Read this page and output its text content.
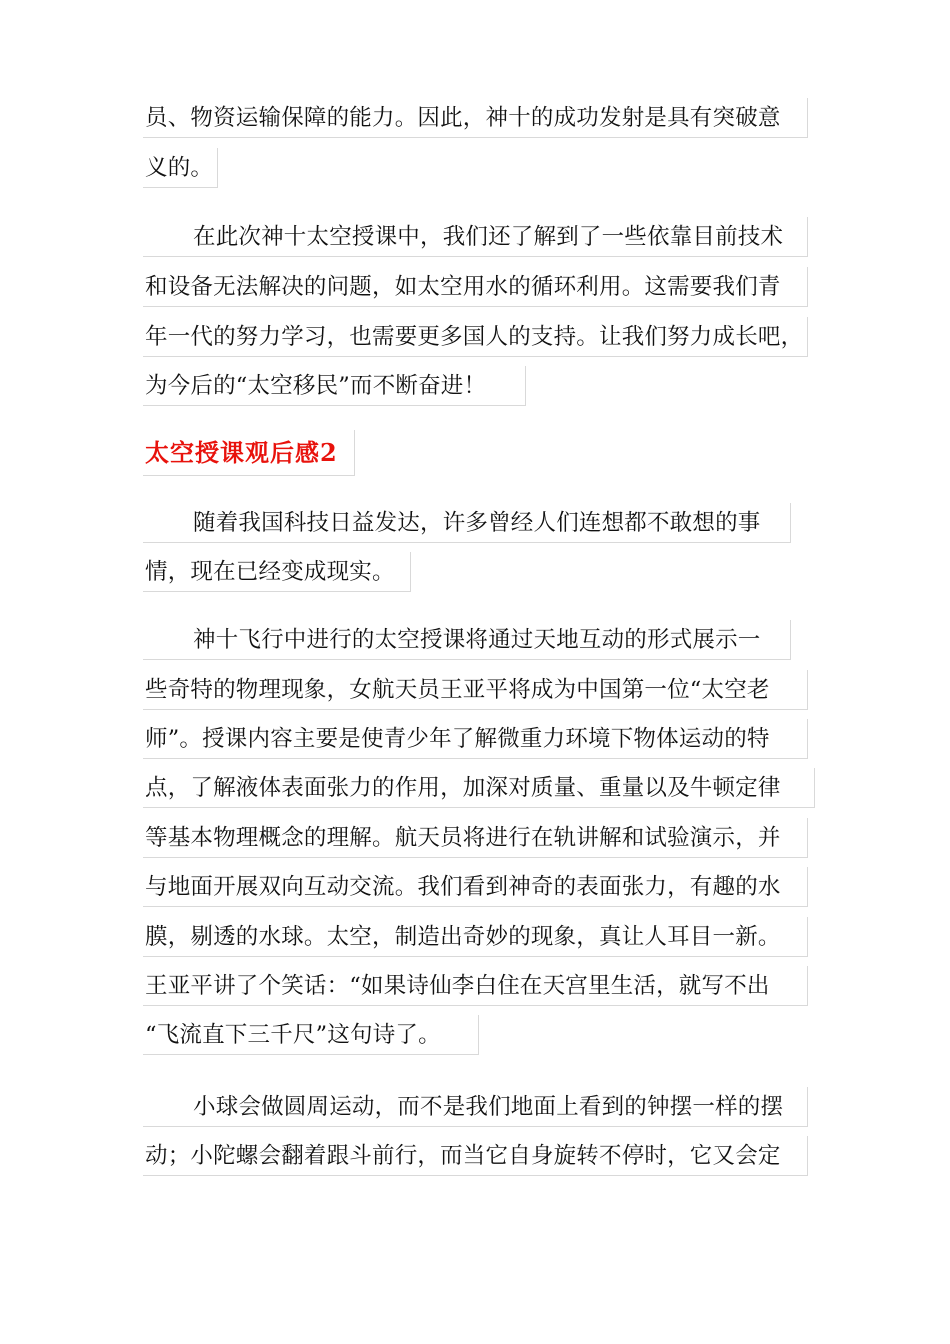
员、物资运输保障的能力。因此，神十的成功发射是具有突破意
义的。
在此次神十太空授课中，我们还了解到了一些依靠目前技术
和设备无法解决的问题，如太空用水的循环利用。这需要我们青
年一代的努力学习，也需要更多国人的支持。让我们努力成长吧，
为今后的“太空移民”而不断奋进！
太空授课观后感2
随着我国科技日益发达，许多曾经人们连想都不敢想的事
情，现在已经变成现实。
神十飞行中进行的太空授课将通过天地互动的形式展示一
些奇特的物理现象，女航天员王亚平将成为中国第一位“太空老
师”。授课内容主要是使青少年了解微重力环境下物体运动的特
点，了解液体表面张力的作用，加深对质量、重量以及牛顿定律
等基本物理概念的理解。航天员将进行在轨讲解和试验演示，并
与地面开展双向互动交流。我们看到神奇的表面张力，有趣的水
膜，剔透的水球。太空，制造出奇妙的现象，真让人耳目一新。
王亚平讲了个笑话：“如果诗仙李白住在天宫里生活，就写不出
“飞流直下三千尺”这句诗了。
小球会做圆周运动，而不是我们地面上看到的钟摆一样的摆
动；小陀螺会翻着跟斗前行，而当它自身旋转不停时，它又会定
